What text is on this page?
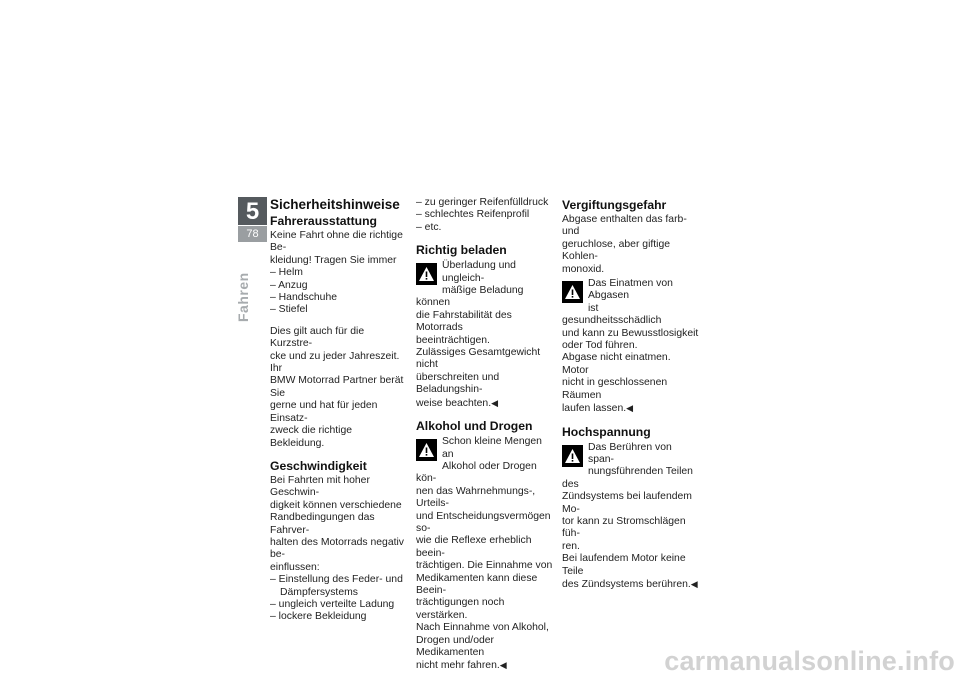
5
78
Fahren
Sicherheitshinweise
Fahrerausstattung
Keine Fahrt ohne die richtige Be-
kleidung! Tragen Sie immer
– Helm
– Anzug
– Handschuhe
– Stiefel
Dies gilt auch für die Kurzstre-
cke und zu jeder Jahreszeit. Ihr
BMW Motorrad Partner berät Sie
gerne und hat für jeden Einsatz-
zweck die richtige Bekleidung.
Geschwindigkeit
Bei Fahrten mit hoher Geschwin-
digkeit können verschiedene
Randbedingungen das Fahrver-
halten des Motorrads negativ be-
einflussen:
– Einstellung des Feder- und Dämpfersystems
– ungleich verteilte Ladung
– lockere Bekleidung
– zu geringer Reifenfülldruck
– schlechtes Reifenprofil
– etc.
Richtig beladen
Überladung und ungleich-
mäßige Beladung können
die Fahrstabilität des Motorrads
beeinträchtigen.
Zulässiges Gesamtgewicht nicht
überschreiten und Beladungshin-
weise beachten.◀
Alkohol und Drogen
Schon kleine Mengen an
Alkohol oder Drogen kön-
nen das Wahrnehmungs-, Urteils-
und Entscheidungsvermögen so-
wie die Reflexe erheblich beein-
trächtigen. Die Einnahme von
Medikamenten kann diese Beein-
trächtigungen noch verstärken.
Nach Einnahme von Alkohol,
Drogen und/oder Medikamenten
nicht mehr fahren.◀
Vergiftungsgefahr
Abgase enthalten das farb- und
geruchlose, aber giftige Kohlen-
monoxid.
Das Einatmen von Abgasen
ist gesundheitsschädlich
und kann zu Bewusstlosigkeit
oder Tod führen.
Abgase nicht einatmen. Motor
nicht in geschlossenen Räumen
laufen lassen.◀
Hochspannung
Das Berühren von span-
nungsführenden Teilen des
Zündsystems bei laufendem Mo-
tor kann zu Stromschlägen füh-
ren.
Bei laufendem Motor keine Teile
des Zündsystems berühren.◀
carmanualsonline.info
